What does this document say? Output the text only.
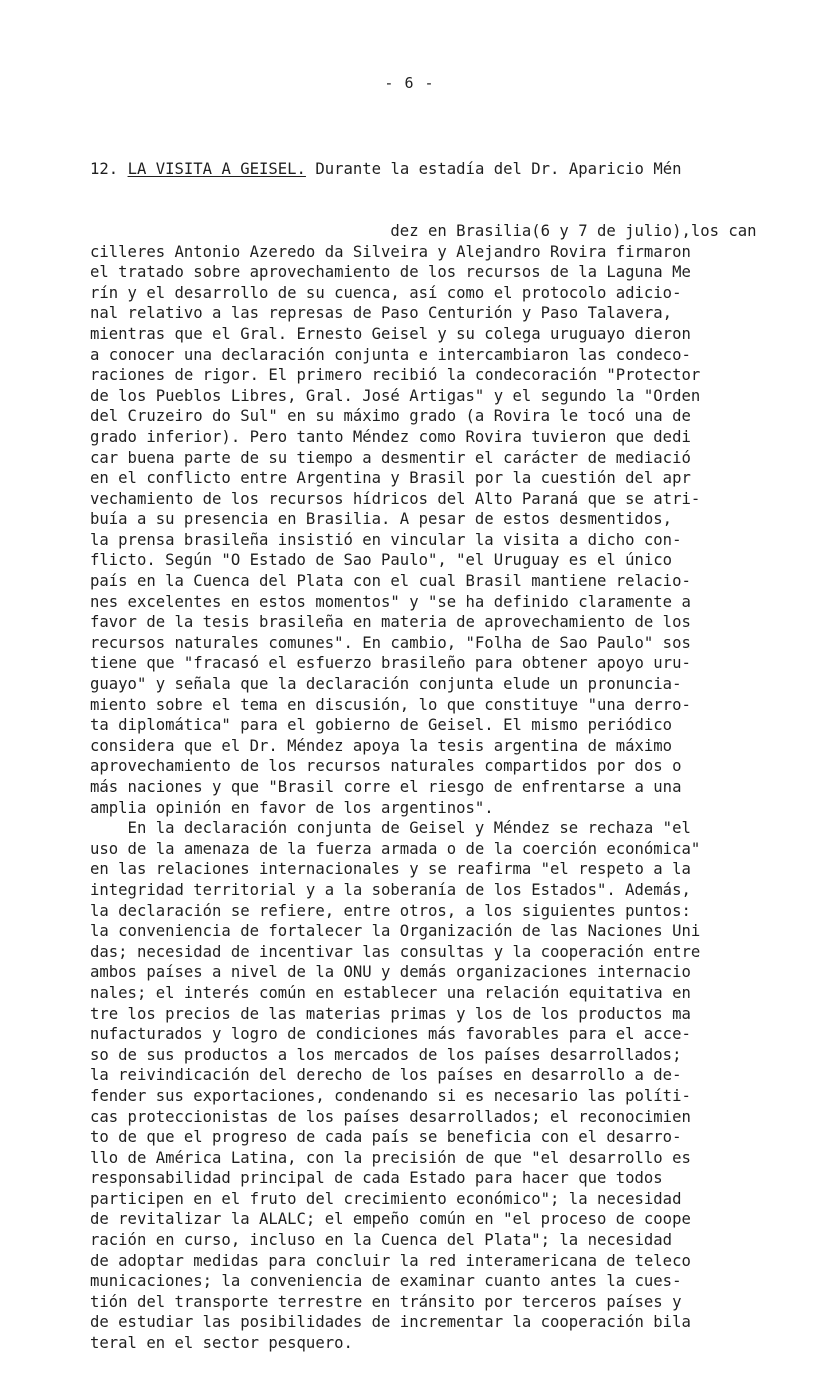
- 6 -

12. LA VISITA A GEISEL. Durante la estadía del Dr. Aparicio Mén

dez en Brasilia(6 y 7 de julio),los can
cilleres Antonio Azeredo da Silveira y Alejandro Rovira firmaron
el tratado sobre aprovechamiento de los recursos de la Laguna Me
rín y el desarrollo de su cuenca, así como el protocolo adicio-
nal relativo a las represas de Paso Centurión y Paso Talavera,
mientras que el Gral. Ernesto Geisel y su colega uruguayo dieron
a conocer una declaración conjunta e intercambiaron las condeco-
raciones de rigor. El primero recibió la condecoración "Protector
de los Pueblos Libres, Gral. José Artigas" y el segundo la "Orden
del Cruzeiro do Sul" en su máximo grado (a Rovira le tocó una de
grado inferior). Pero tanto Méndez como Rovira tuvieron que dedi
car buena parte de su tiempo a desmentir el carácter de mediació
en el conflicto entre Argentina y Brasil por la cuestión del apr
vechamiento de los recursos hídricos del Alto Paraná que se atri-
buía a su presencia en Brasilia. A pesar de estos desmentidos,
la prensa brasileña insistió en vincular la visita a dicho con-
flicto. Según "O Estado de Sao Paulo", "el Uruguay es el único
país en la Cuenca del Plata con el cual Brasil mantiene relacio-
nes excelentes en estos momentos" y "se ha definido claramente a
favor de la tesis brasileña en materia de aprovechamiento de los
recursos naturales comunes". En cambio, "Folha de Sao Paulo" sos
tiene que "fracasó el esfuerzo brasileño para obtener apoyo uru-
guayo" y señala que la declaración conjunta elude un pronuncia-
miento sobre el tema en discusión, lo que constituye "una derro-
ta diplomática" para el gobierno de Geisel. El mismo periódico
considera que el Dr. Méndez apoya la tesis argentina de máximo
aprovechamiento de los recursos naturales compartidos por dos o
más naciones y que "Brasil corre el riesgo de enfrentarse a una
amplia opinión en favor de los argentinos".
En la declaración conjunta de Geisel y Méndez se rechaza "el
uso de la amenaza de la fuerza armada o de la coerción económica"
en las relaciones internacionales y se reafirma "el respeto a la
integridad territorial y a la soberanía de los Estados". Además,
la declaración se refiere, entre otros, a los siguientes puntos:
la conveniencia de fortalecer la Organización de las Naciones Uni
das; necesidad de incentivar las consultas y la cooperación entre
ambos países a nivel de la ONU y demás organizaciones internacio
nales; el interés común en establecer una relación equitativa en
tre los precios de las materias primas y los de los productos ma
nufacturados y logro de condiciones más favorables para el acce-
so de sus productos a los mercados de los países desarrollados;
la reivindicación del derecho de los países en desarrollo a de-
fender sus exportaciones, condenando si es necesario las políti-
cas proteccionistas de los países desarrollados; el reconocimien
to de que el progreso de cada país se beneficia con el desarro-
llo de América Latina, con la precisión de que "el desarrollo es
responsabilidad principal de cada Estado para hacer que todos
participen en el fruto del crecimiento económico"; la necesidad
de revitalizar la ALALC; el empeño común en "el proceso de coope
ración en curso, incluso en la Cuenca del Plata"; la necesidad
de adoptar medidas para concluir la red interamericana de teleco
municaciones; la conveniencia de examinar cuanto antes la cues-
tión del transporte terrestre en tránsito por terceros países y
de estudiar las posibilidades de incrementar la cooperación bila
teral en el sector pesquero.
